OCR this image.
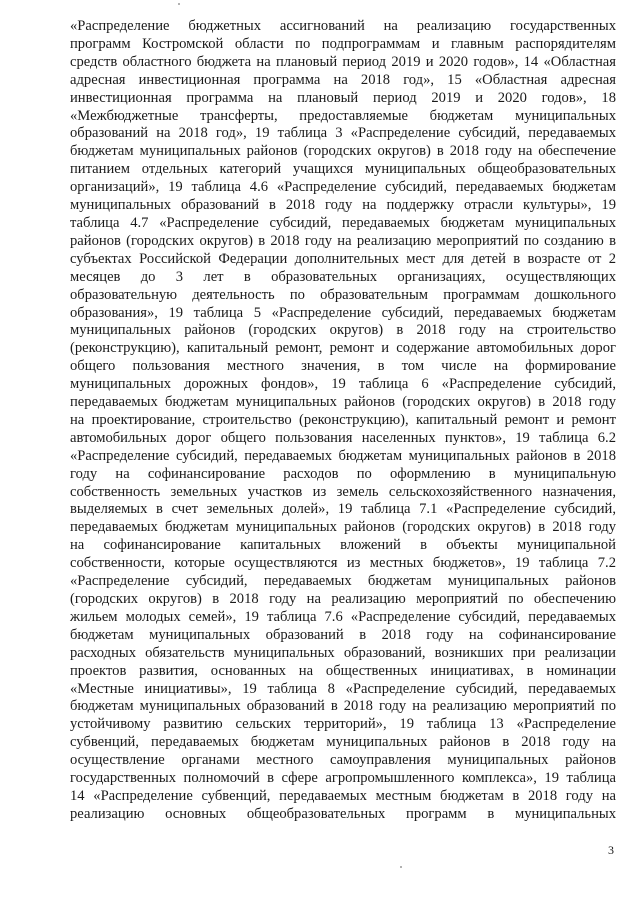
«Распределение бюджетных ассигнований на реализацию государственных
программ Костромской области по подпрограммам и главным распорядителям
средств областного бюджета на плановый период 2019 и 2020 годов», 14 «Областная
адресная инвестиционная программа на 2018 год», 15 «Областная адресная
инвестиционная программа на плановый период 2019 и 2020 годов», 18
«Межбюджетные трансферты, предоставляемые бюджетам муниципальных
образований на 2018 год», 19 таблица 3 «Распределение субсидий, передаваемых
бюджетам муниципальных районов (городских округов) в 2018 году на обеспечение
питанием отдельных категорий учащихся муниципальных общеобразовательных
организаций», 19 таблица 4.6 «Распределение субсидий, передаваемых бюджетам
муниципальных образований в 2018 году на поддержку отрасли культуры», 19
таблица 4.7 «Распределение субсидий, передаваемых бюджетам муниципальных
районов (городских округов) в 2018 году на реализацию мероприятий по созданию в
субъектах Российской Федерации дополнительных мест для детей в возрасте от 2
месяцев до 3 лет в образовательных организациях, осуществляющих
образовательную деятельность по образовательным программам дошкольного
образования», 19 таблица 5 «Распределение субсидий, передаваемых бюджетам
муниципальных районов (городских округов) в 2018 году на строительство
(реконструкцию), капитальный ремонт, ремонт и содержание автомобильных дорог
общего пользования местного значения, в том числе на формирование
муниципальных дорожных фондов», 19 таблица 6 «Распределение субсидий,
передаваемых бюджетам муниципальных районов (городских округов) в 2018 году
на проектирование, строительство (реконструкцию), капитальный ремонт и ремонт
автомобильных дорог общего пользования населенных пунктов», 19 таблица 6.2
«Распределение субсидий, передаваемых бюджетам муниципальных районов в 2018
году на софинансирование расходов по оформлению в муниципальную
собственность земельных участков из земель сельскохозяйственного назначения,
выделяемых в счет земельных долей», 19 таблица 7.1 «Распределение субсидий,
передаваемых бюджетам муниципальных районов (городских округов) в 2018 году
на софинансирование капитальных вложений в объекты муниципальной
собственности, которые осуществляются из местных бюджетов», 19 таблица 7.2
«Распределение субсидий, передаваемых бюджетам муниципальных районов
(городских округов) в 2018 году на реализацию мероприятий по обеспечению
жильем молодых семей», 19 таблица 7.6 «Распределение субсидий, передаваемых
бюджетам муниципальных образований в 2018 году на софинансирование
расходных обязательств муниципальных образований, возникших при реализации
проектов развития, основанных на общественных инициативах, в номинации
«Местные инициативы», 19 таблица 8 «Распределение субсидий, передаваемых
бюджетам муниципальных образований в 2018 году на реализацию мероприятий по
устойчивому развитию сельских территорий», 19 таблица 13 «Распределение
субвенций, передаваемых бюджетам муниципальных районов в 2018 году на
осуществление органами местного самоуправления муниципальных районов
государственных полномочий в сфере агропромышленного комплекса», 19 таблица
14 «Распределение субвенций, передаваемых местным бюджетам в 2018 году на
реализацию основных общеобразовательных программ в муниципальных

3
